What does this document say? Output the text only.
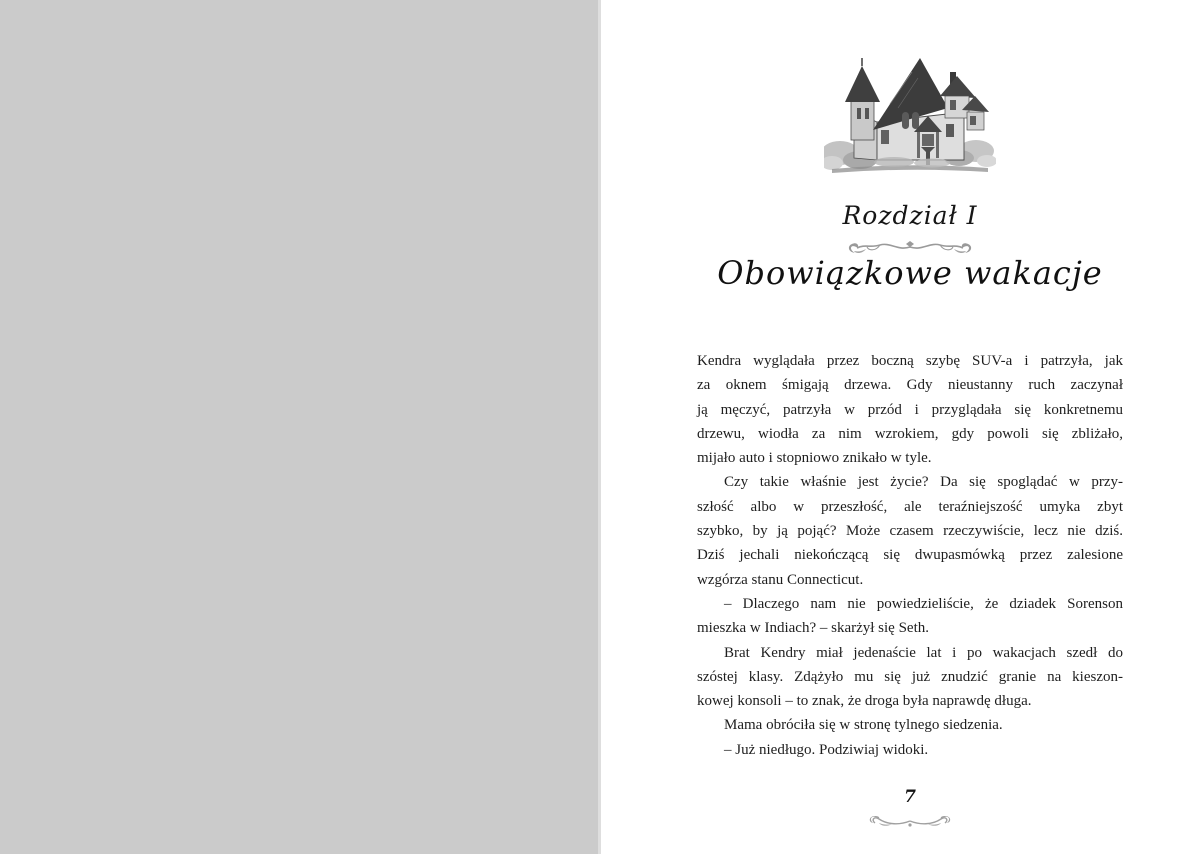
Rozdział I
Obowiązkowe wakacje
Kendra wyglądała przez boczną szybę SUV-a i patrzyła, jak
za oknem śmigają drzewa. Gdy nieustanny ruch zaczynał
ją męczyć, patrzyła w przód i przyglądała się konkretnemu
drzewu, wiodła za nim wzrokiem, gdy powoli się zbliżało,
mijało auto i stopniowo znikało w tyle.
Czy takie właśnie jest życie? Da się spoglądać w przy-
szłość albo w przeszłość, ale teraźniejszość umyka zbyt
szybko, by ją pojąć? Może czasem rzeczywiście, lecz nie dziś.
Dziś jechali niekończącą się dwupasmówką przez zalesione
wzgórza stanu Connecticut.
– Dlaczego nam nie powiedzieliście, że dziadek Sorenson
mieszka w Indiach? – skarżył się Seth.
Brat Kendry miał jedenaście lat i po wakacjach szedł do
szóstej klasy. Zdążyło mu się już znudzić granie na kieszon-
kowej konsoli – to znak, że droga była naprawdę długa.
Mama obróciła się w stronę tylnego siedzenia.
– Już niedługo. Podziwiaj widoki.
7
